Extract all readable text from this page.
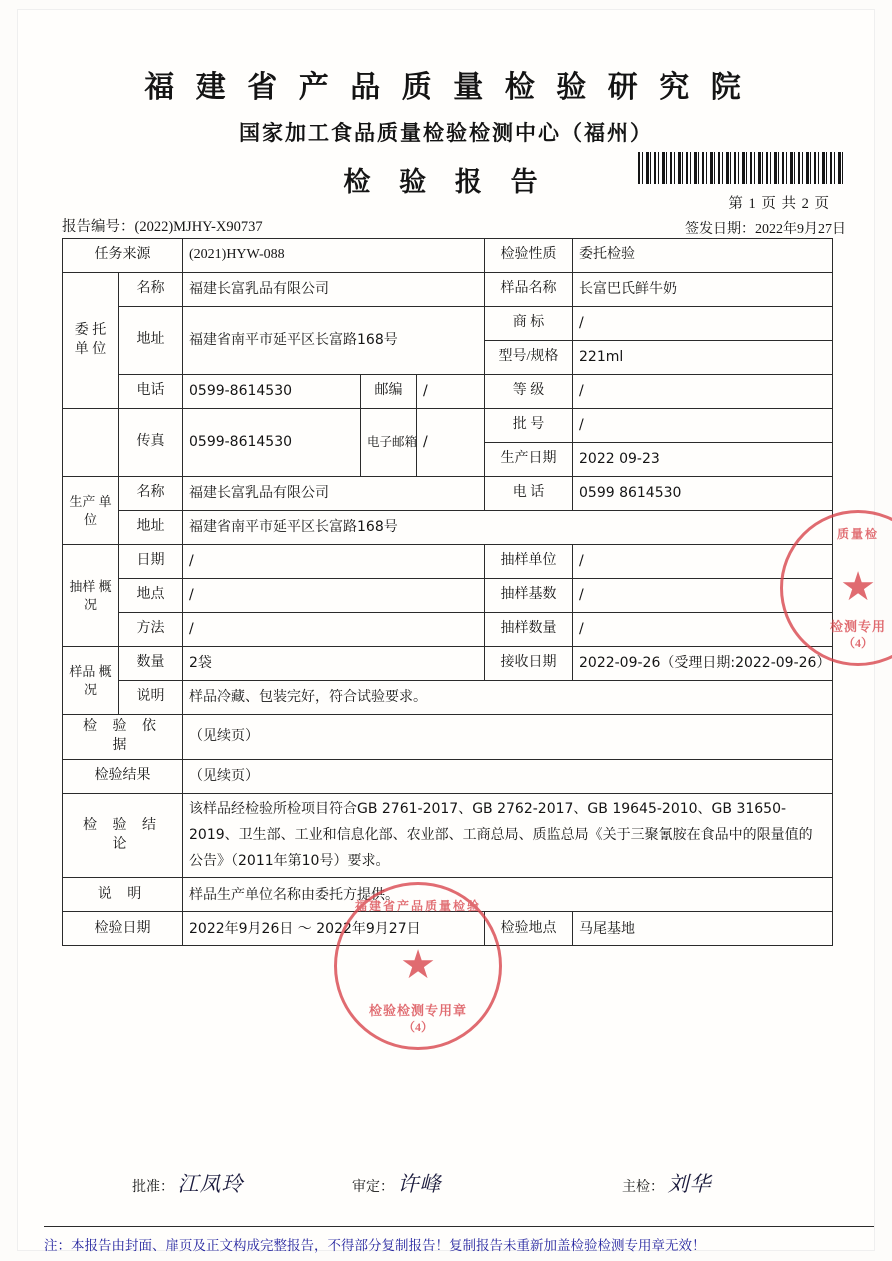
福 建 省 产 品 质 量 检 验 研 究 院
国家加工食品质量检验检测中心（福州）
检 验 报 告
第 1 页 共 2 页
签发日期：2022年9月27日
报告编号：(2022)MJHY-X90737
任务来源		(2021)HYW-088			检验性质	委托检验
委 托 单 位	名称	福建长富乳品有限公司			样品名称	长富巴氏鲜牛奶
	地址	福建省南平市延平区长富路168号			商 标	/
					型号/规格	221ml
	电话	0599-8614530	邮编	/	等 级	/
	传真	0599-8614530	电子邮箱	/	批 号	/
					生产日期	2022 09-23
生产 单位	名称	福建长富乳品有限公司			电 话	0599 8614530
	地址	福建省南平市延平区长富路168号				
抽样 概况	日期	/			抽样单位	/
	地点	/			抽样基数	/
	方法	/			抽样数量	/
样品 概况	数量	2袋			接收日期	2022-09-26（受理日期:2022-09-26）
	说明	样品冷藏、包装完好，符合试验要求。				
检 验 依 据		（见续页）				
检验结果		（见续页）				
检 验 结 论		该样品经检验所检项目符合GB 2761-2017、GB 2762-2017、GB 19645-2010、GB 31650-2019、卫生部、工业和信息化部、农业部、工商总局、质监总局《关于三聚氰胺在食品中的限量值的公告》（2011年第10号）要求。				
说 明		样品生产单位名称由委托方提供。				
检验日期		2022年9月26日 ～ 2022年9月27日			检验地点	马尾基地
批准： 江凤玲	审定： 许峰	主检： 刘华
注：本报告由封面、扉页及正文构成完整报告，不得部分复制报告！复制报告未重新加盖检验检测专用章无效！
福建省产品质量检验
★
检验检测专用章
（4）
质量检
★
检测专用
（4）
